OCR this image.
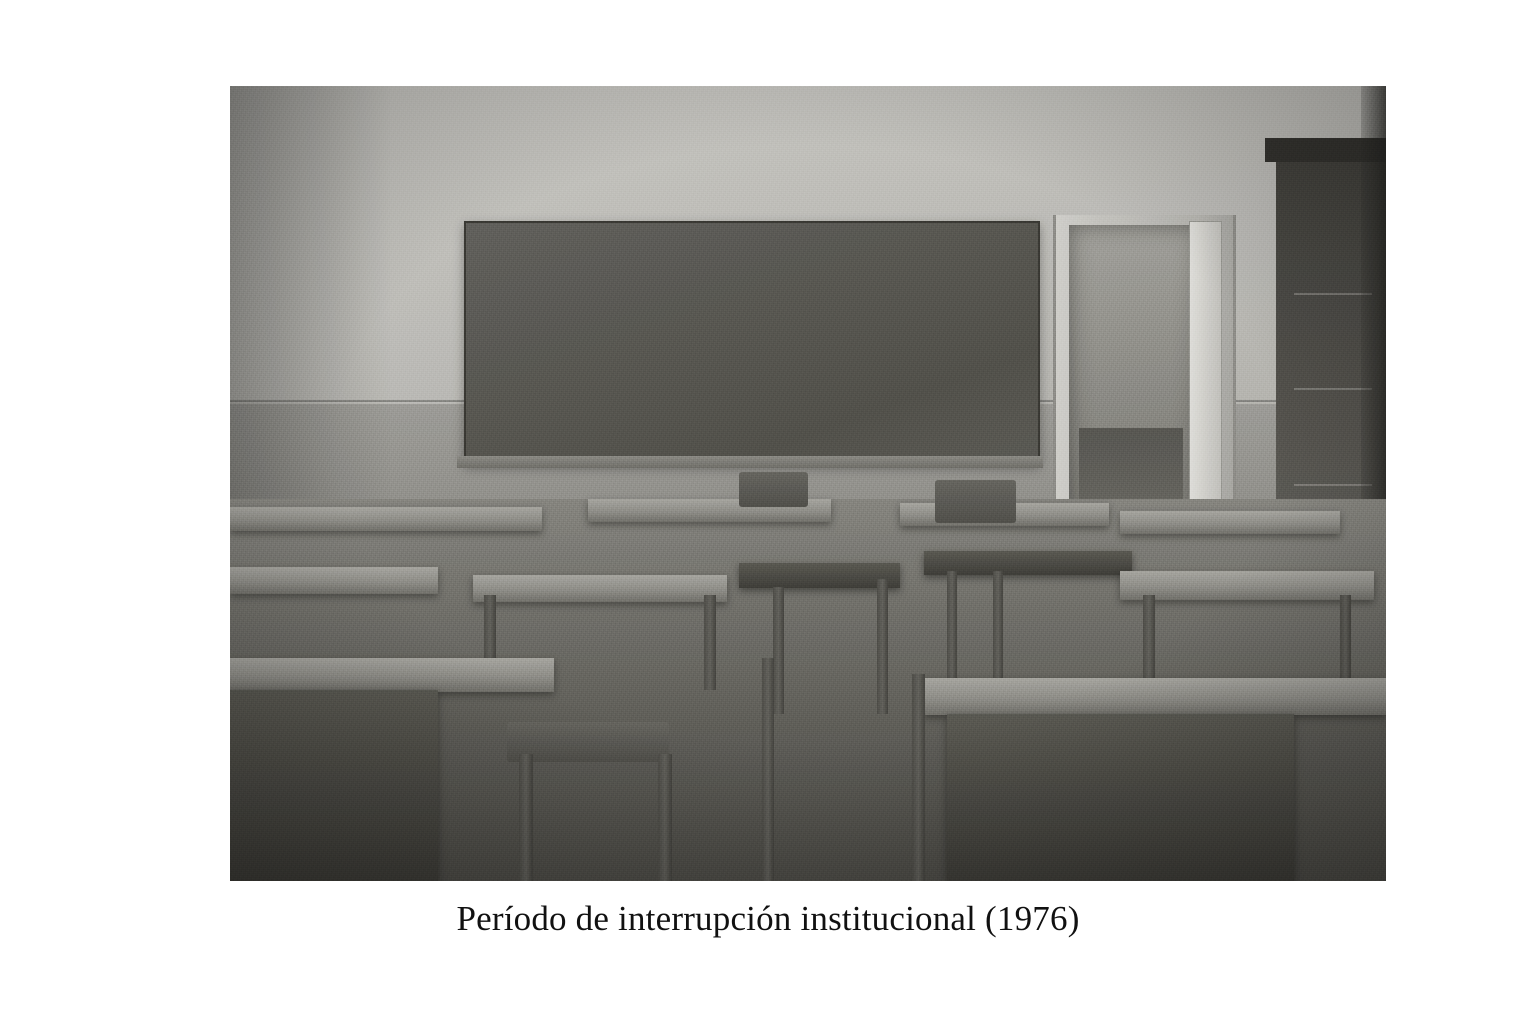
Período de interrupción institucional (1976)
